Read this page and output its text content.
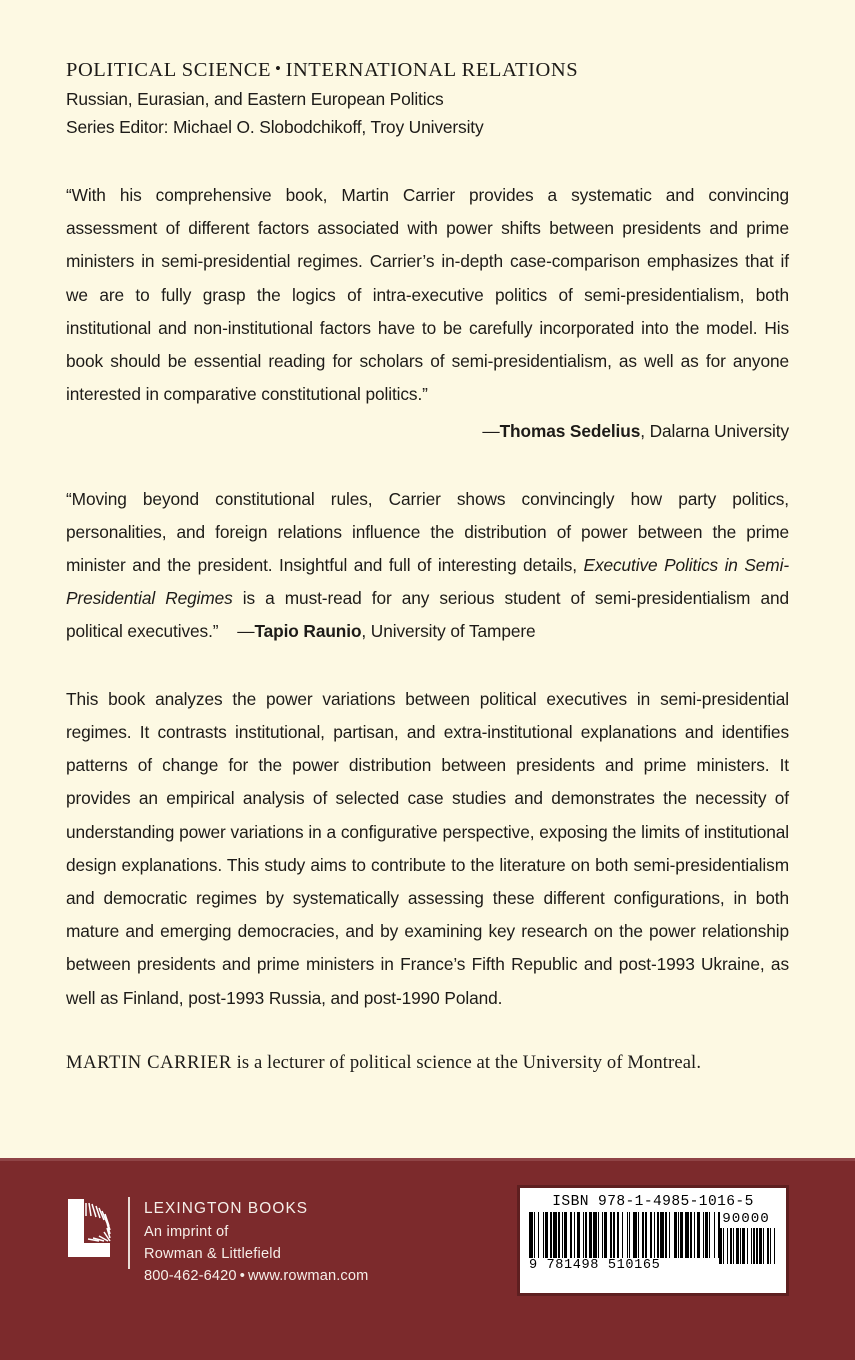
POLITICAL SCIENCE • INTERNATIONAL RELATIONS
Russian, Eurasian, and Eastern European Politics
Series Editor: Michael O. Slobodchikoff, Troy University

“With his comprehensive book, Martin Carrier provides a systematic and convincing assessment of different factors associated with power shifts between presidents and prime ministers in semi-presidential regimes. Carrier’s in-depth case-comparison emphasizes that if we are to fully grasp the logics of intra-executive politics of semi-presidentialism, both institutional and non-institutional factors have to be carefully incorporated into the model. His book should be essential reading for scholars of semi-presidentialism, as well as for anyone interested in comparative constitutional politics.”

—Thomas Sedelius, Dalarna University

“Moving beyond constitutional rules, Carrier shows convincingly how party politics, personalities, and foreign relations influence the distribution of power between the prime minister and the president. Insightful and full of interesting details, Executive Politics in Semi-Presidential Regimes is a must-read for any serious student of semi-presidentialism and political executives.” —Tapio Raunio, University of Tampere

This book analyzes the power variations between political executives in semi-presidential regimes. It contrasts institutional, partisan, and extra-institutional explanations and identifies patterns of change for the power distribution between presidents and prime ministers. It provides an empirical analysis of selected case studies and demonstrates the necessity of understanding power variations in a configurative perspective, exposing the limits of institutional design explanations. This study aims to contribute to the literature on both semi-presidentialism and democratic regimes by systematically assessing these different configurations, in both mature and emerging democracies, and by examining key research on the power relationship between presidents and prime ministers in France’s Fifth Republic and post-1993 Ukraine, as well as Finland, post-1993 Russia, and post-1990 Poland.

MARTIN CARRIER is a lecturer of political science at the University of Montreal.

LEXINGTON BOOKS
An imprint of
Rowman & Littlefield
800-462-6420 • www.rowman.com
ISBN 978-1-4985-1016-5
9 781498 510165
90000
